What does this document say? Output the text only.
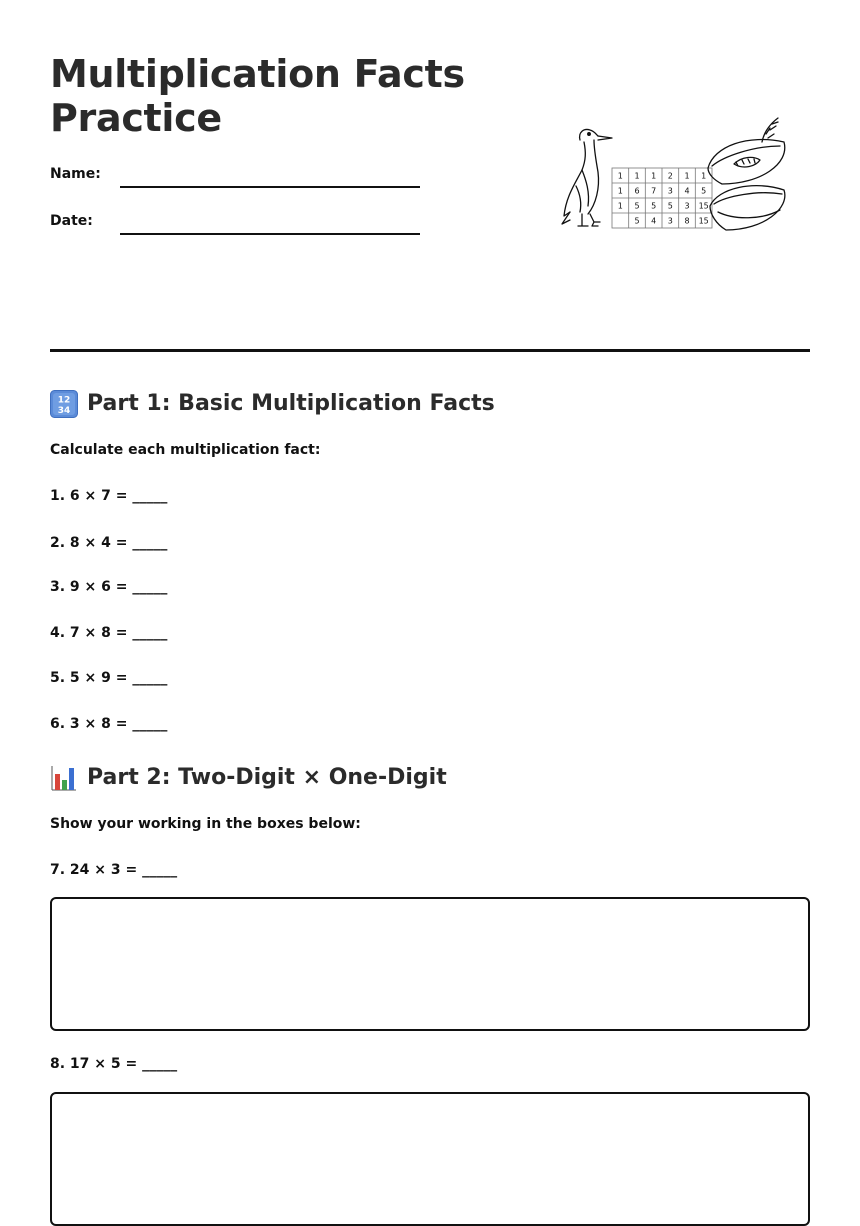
Multiplication Facts
Practice
Name:
Date:
1 1 1 2 1 1
1 6 7 3 4 5
1 5 5 5 3 15
5 4 3 8 15
12
34 Part 1: Basic Multiplication Facts
Calculate each multiplication fact:
1. 6 × 7 = _____
2. 8 × 4 = _____
3. 9 × 6 = _____
4. 7 × 8 = _____
5. 5 × 9 = _____
6. 3 × 8 = _____
Part 2: Two-Digit × One-Digit
Show your working in the boxes below:
7. 24 × 3 = _____
8. 17 × 5 = _____
